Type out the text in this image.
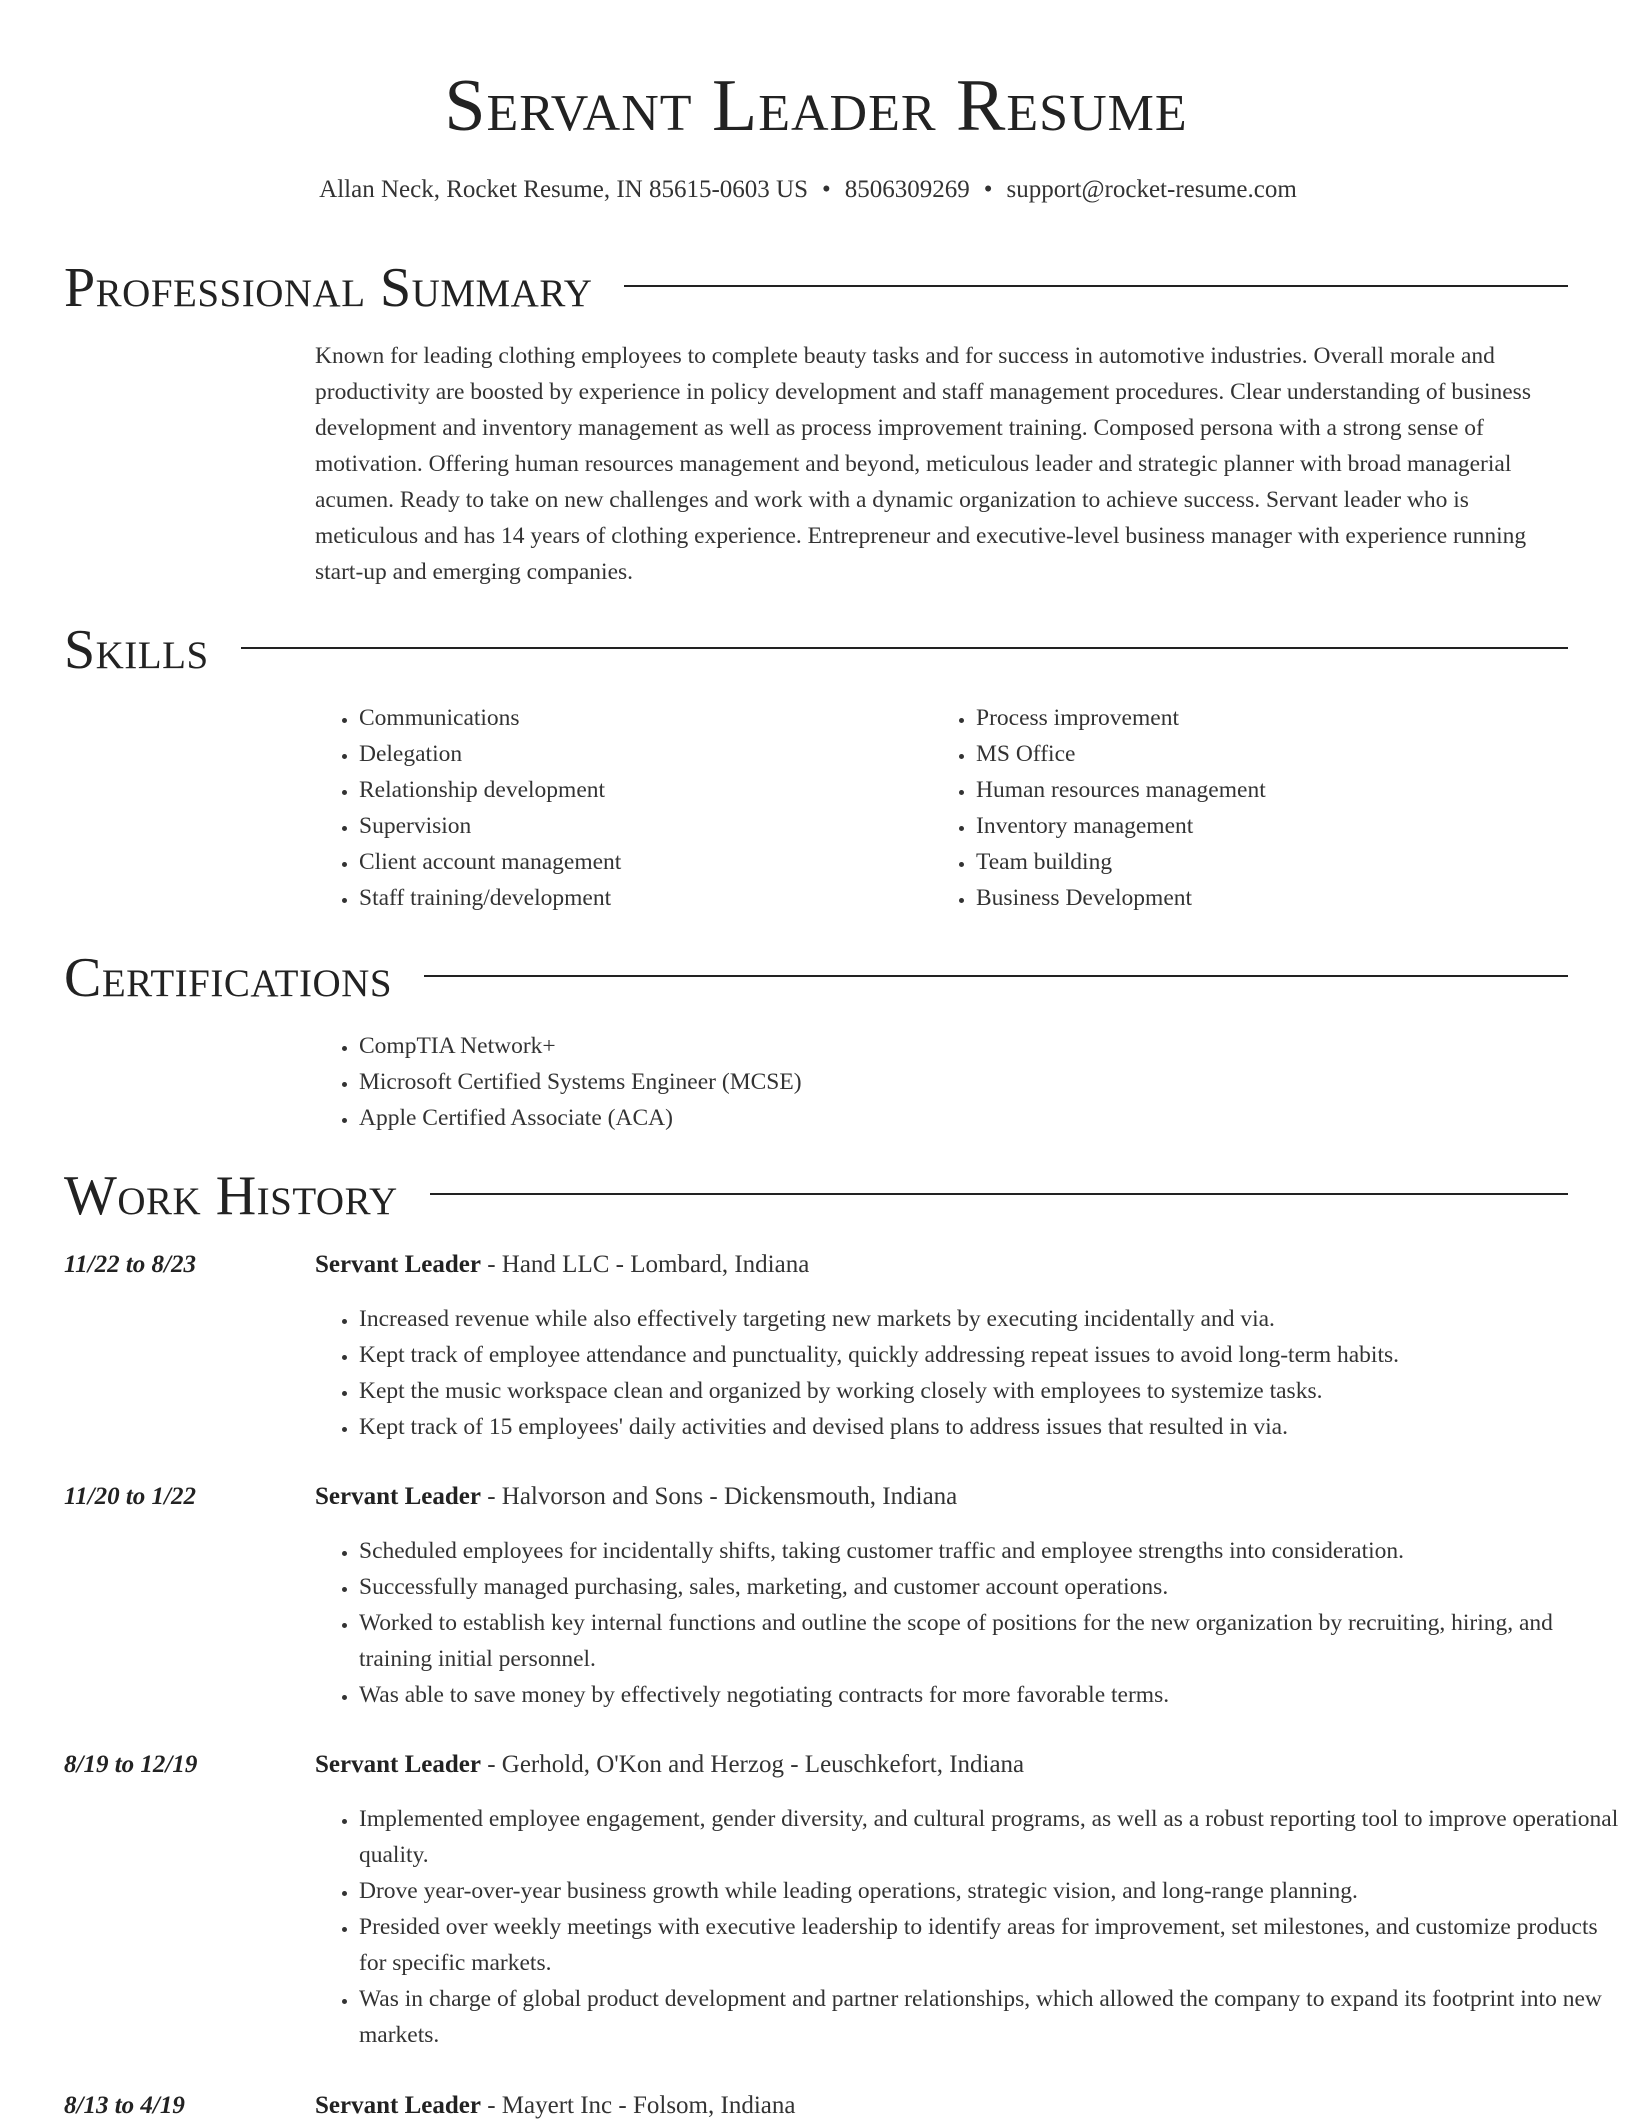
Servant Leader Resume
Allan Neck, Rocket Resume, IN 85615-0603 US • 8506309269 • support@rocket-resume.com
Professional Summary

Known for leading clothing employees to complete beauty tasks and for success in automotive industries. Overall morale and productivity are boosted by experience in policy development and staff management procedures. Clear understanding of business development and inventory management as well as process improvement training. Composed persona with a strong sense of motivation. Offering human resources management and beyond, meticulous leader and strategic planner with broad managerial acumen. Ready to take on new challenges and work with a dynamic organization to achieve success. Servant leader who is meticulous and has 14 years of clothing experience. Entrepreneur and executive-level business manager with experience running start-up and emerging companies.

Skills
• Communications
• Delegation
• Relationship development
• Supervision
• Client account management
• Staff training/development
• Process improvement
• MS Office
• Human resources management
• Inventory management
• Team building
• Business Development
Certifications
• CompTIA Network+
• Microsoft Certified Systems Engineer (MCSE)
• Apple Certified Associate (ACA)
Work History
11/22 to 8/23	Servant Leader - Hand LLC - Lombard, Indiana
• Increased revenue while also effectively targeting new markets by executing incidentally and via.
• Kept track of employee attendance and punctuality, quickly addressing repeat issues to avoid long-term habits.
• Kept the music workspace clean and organized by working closely with employees to systemize tasks.
• Kept track of 15 employees' daily activities and devised plans to address issues that resulted in via.
11/20 to 1/22	Servant Leader - Halvorson and Sons - Dickensmouth, Indiana
• Scheduled employees for incidentally shifts, taking customer traffic and employee strengths into consideration.
• Successfully managed purchasing, sales, marketing, and customer account operations.
• Worked to establish key internal functions and outline the scope of positions for the new organization by recruiting, hiring, and training initial personnel.
• Was able to save money by effectively negotiating contracts for more favorable terms.
8/19 to 12/19	Servant Leader - Gerhold, O'Kon and Herzog - Leuschkefort, Indiana
• Implemented employee engagement, gender diversity, and cultural programs, as well as a robust reporting tool to improve operational quality.
• Drove year-over-year business growth while leading operations, strategic vision, and long-range planning.
• Presided over weekly meetings with executive leadership to identify areas for improvement, set milestones, and customize products for specific markets.
• Was in charge of global product development and partner relationships, which allowed the company to expand its footprint into new markets.
8/13 to 4/19	Servant Leader - Mayert Inc - Folsom, Indiana
